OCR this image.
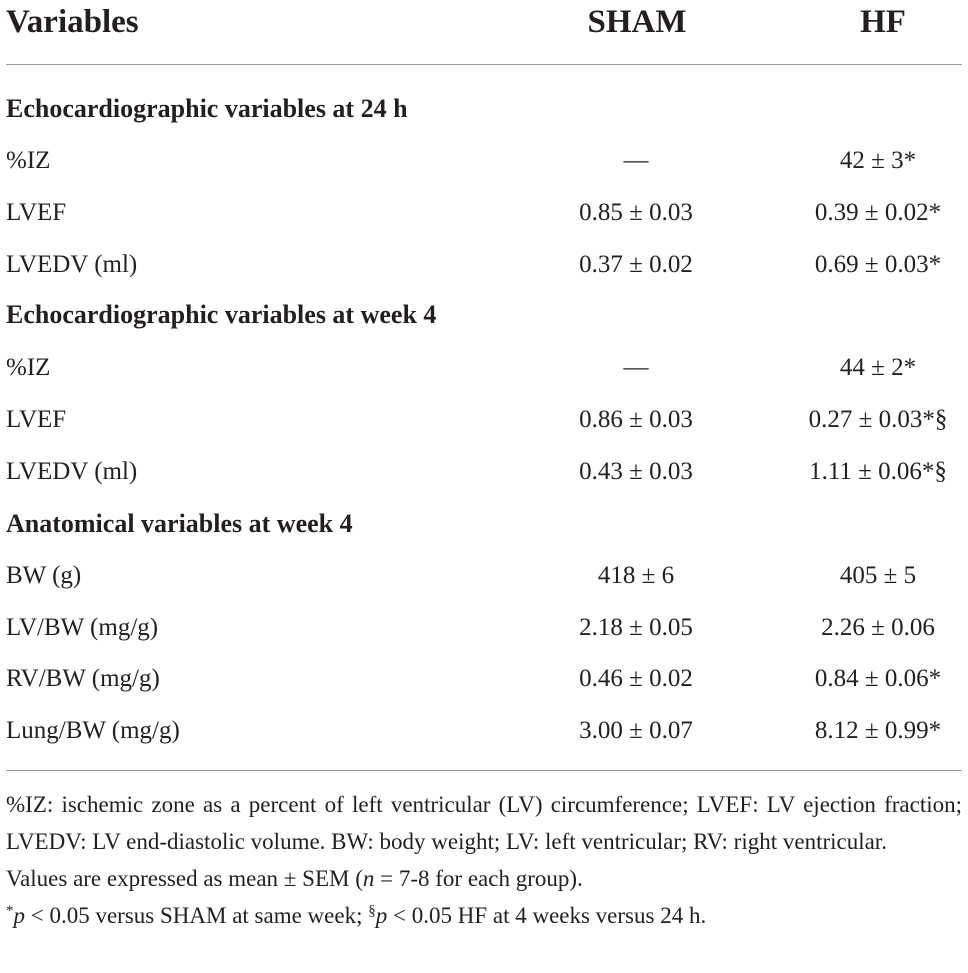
Variables	SHAM	HF
Echocardiographic variables at 24 h
%IZ	—	42 ± 3*
LVEF	0.85 ± 0.03	0.39 ± 0.02*
LVEDV (ml)	0.37 ± 0.02	0.69 ± 0.03*
Echocardiographic variables at week 4
%IZ	—	44 ± 2*
LVEF	0.86 ± 0.03	0.27 ± 0.03*§
LVEDV (ml)	0.43 ± 0.03	1.11 ± 0.06*§
Anatomical variables at week 4
BW (g)	418 ± 6	405 ± 5
LV/BW (mg/g)	2.18 ± 0.05	2.26 ± 0.06
RV/BW (mg/g)	0.46 ± 0.02	0.84 ± 0.06*
Lung/BW (mg/g)	3.00 ± 0.07	8.12 ± 0.99*

%IZ: ischemic zone as a percent of left ventricular (LV) circumference; LVEF: LV ejection fraction; LVEDV: LV end-diastolic volume. BW: body weight; LV: left ventricular; RV: right ventricular.

Values are expressed as mean ± SEM (n = 7-8 for each group).

*p < 0.05 versus SHAM at same week; §p < 0.05 HF at 4 weeks versus 24 h.
